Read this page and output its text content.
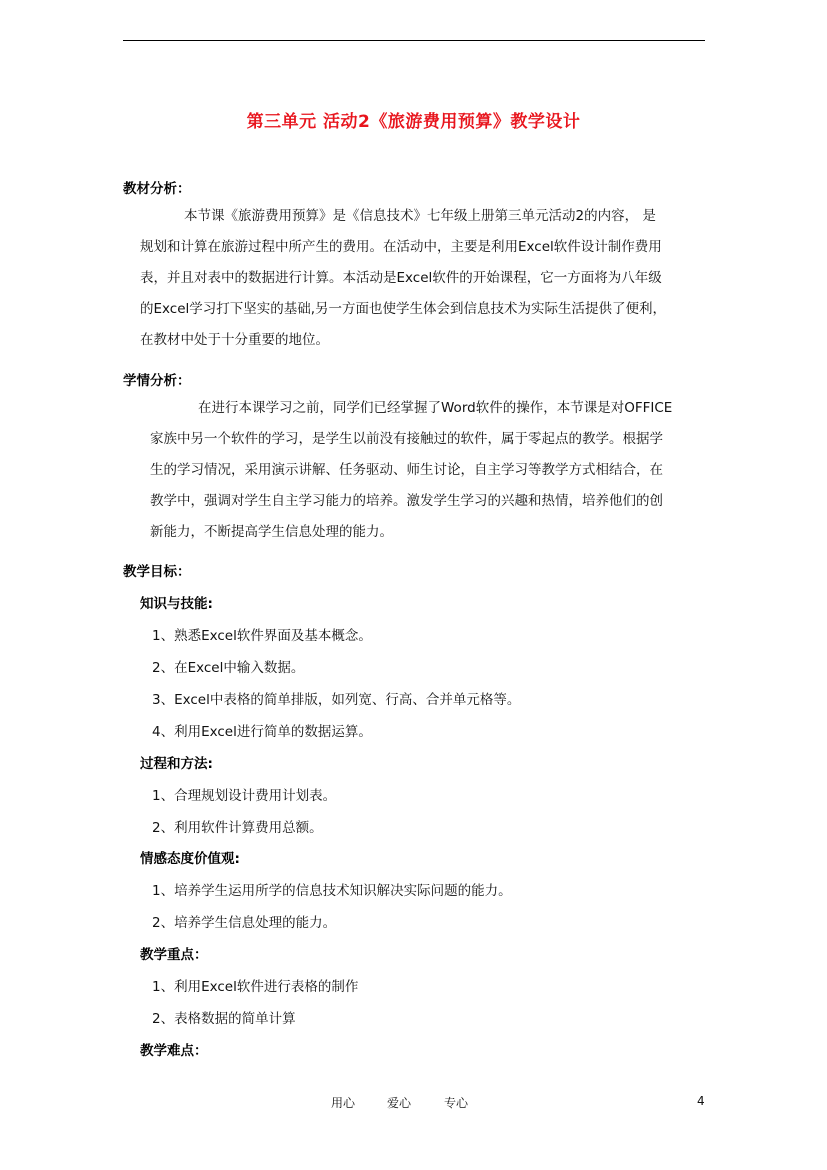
第三单元 活动2《旅游费用预算》教学设计
教材分析：
本节课《旅游费用预算》是《信息技术》七年级上册第三单元活动2的内容， 是
规划和计算在旅游过程中所产生的费用。在活动中，主要是利用Excel软件设计制作费用
表，并且对表中的数据进行计算。本活动是Excel软件的开始课程，它一方面将为八年级
的Excel学习打下坚实的基础,另一方面也使学生体会到信息技术为实际生活提供了便利，
在教材中处于十分重要的地位。
学情分析：
在进行本课学习之前，同学们已经掌握了Word软件的操作，本节课是对OFFICE
家族中另一个软件的学习，是学生以前没有接触过的软件，属于零起点的教学。根据学
生的学习情况，采用演示讲解、任务驱动、师生讨论，自主学习等教学方式相结合，在
教学中，强调对学生自主学习能力的培养。激发学生学习的兴趣和热情，培养他们的创
新能力，不断提高学生信息处理的能力。
教学目标：
知识与技能:
1、熟悉Excel软件界面及基本概念。
2、在Excel中输入数据。
3、Excel中表格的简单排版，如列宽、行高、合并单元格等。
4、利用Excel进行简单的数据运算。
过程和方法:
1、合理规划设计费用计划表。
2、利用软件计算费用总额。
情感态度价值观:
1、培养学生运用所学的信息技术知识解决实际问题的能力。
2、培养学生信息处理的能力。
教学重点：
1、利用Excel软件进行表格的制作
2、表格数据的简单计算
教学难点：
用心	爱心	专心	4
